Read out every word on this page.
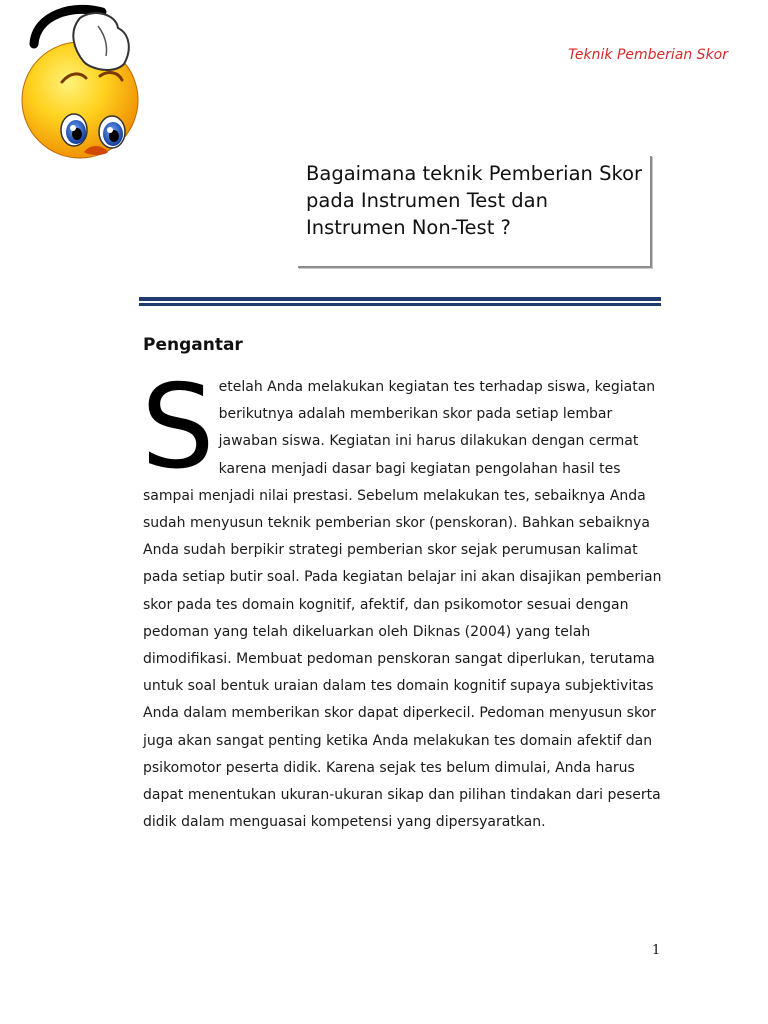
Teknik Pemberian Skor
Bagaimana teknik Pemberian Skor pada Instrumen Test dan Instrumen Non-Test ?
Pengantar
S etelah Anda melakukan kegiatan tes terhadap siswa, kegiatan berikutnya adalah memberikan skor pada setiap lembar jawaban siswa. Kegiatan ini harus dilakukan dengan cermat karena menjadi dasar bagi kegiatan pengolahan hasil tes sampai menjadi nilai prestasi. Sebelum melakukan tes, sebaiknya Anda sudah menyusun teknik pemberian skor (penskoran). Bahkan sebaiknya Anda sudah berpikir strategi pemberian skor sejak perumusan kalimat pada setiap butir soal. Pada kegiatan belajar ini akan disajikan pemberian skor pada tes domain kognitif, afektif, dan psikomotor sesuai dengan pedoman yang telah dikeluarkan oleh Diknas (2004) yang telah dimodifikasi. Membuat pedoman penskoran sangat diperlukan, terutama untuk soal bentuk uraian dalam tes domain kognitif supaya subjektivitas Anda dalam memberikan skor dapat diperkecil. Pedoman menyusun skor juga akan sangat penting ketika Anda melakukan tes domain afektif dan psikomotor peserta didik. Karena sejak tes belum dimulai, Anda harus dapat menentukan ukuran-ukuran sikap dan pilihan tindakan dari peserta didik dalam menguasai kompetensi yang dipersyaratkan.

1
